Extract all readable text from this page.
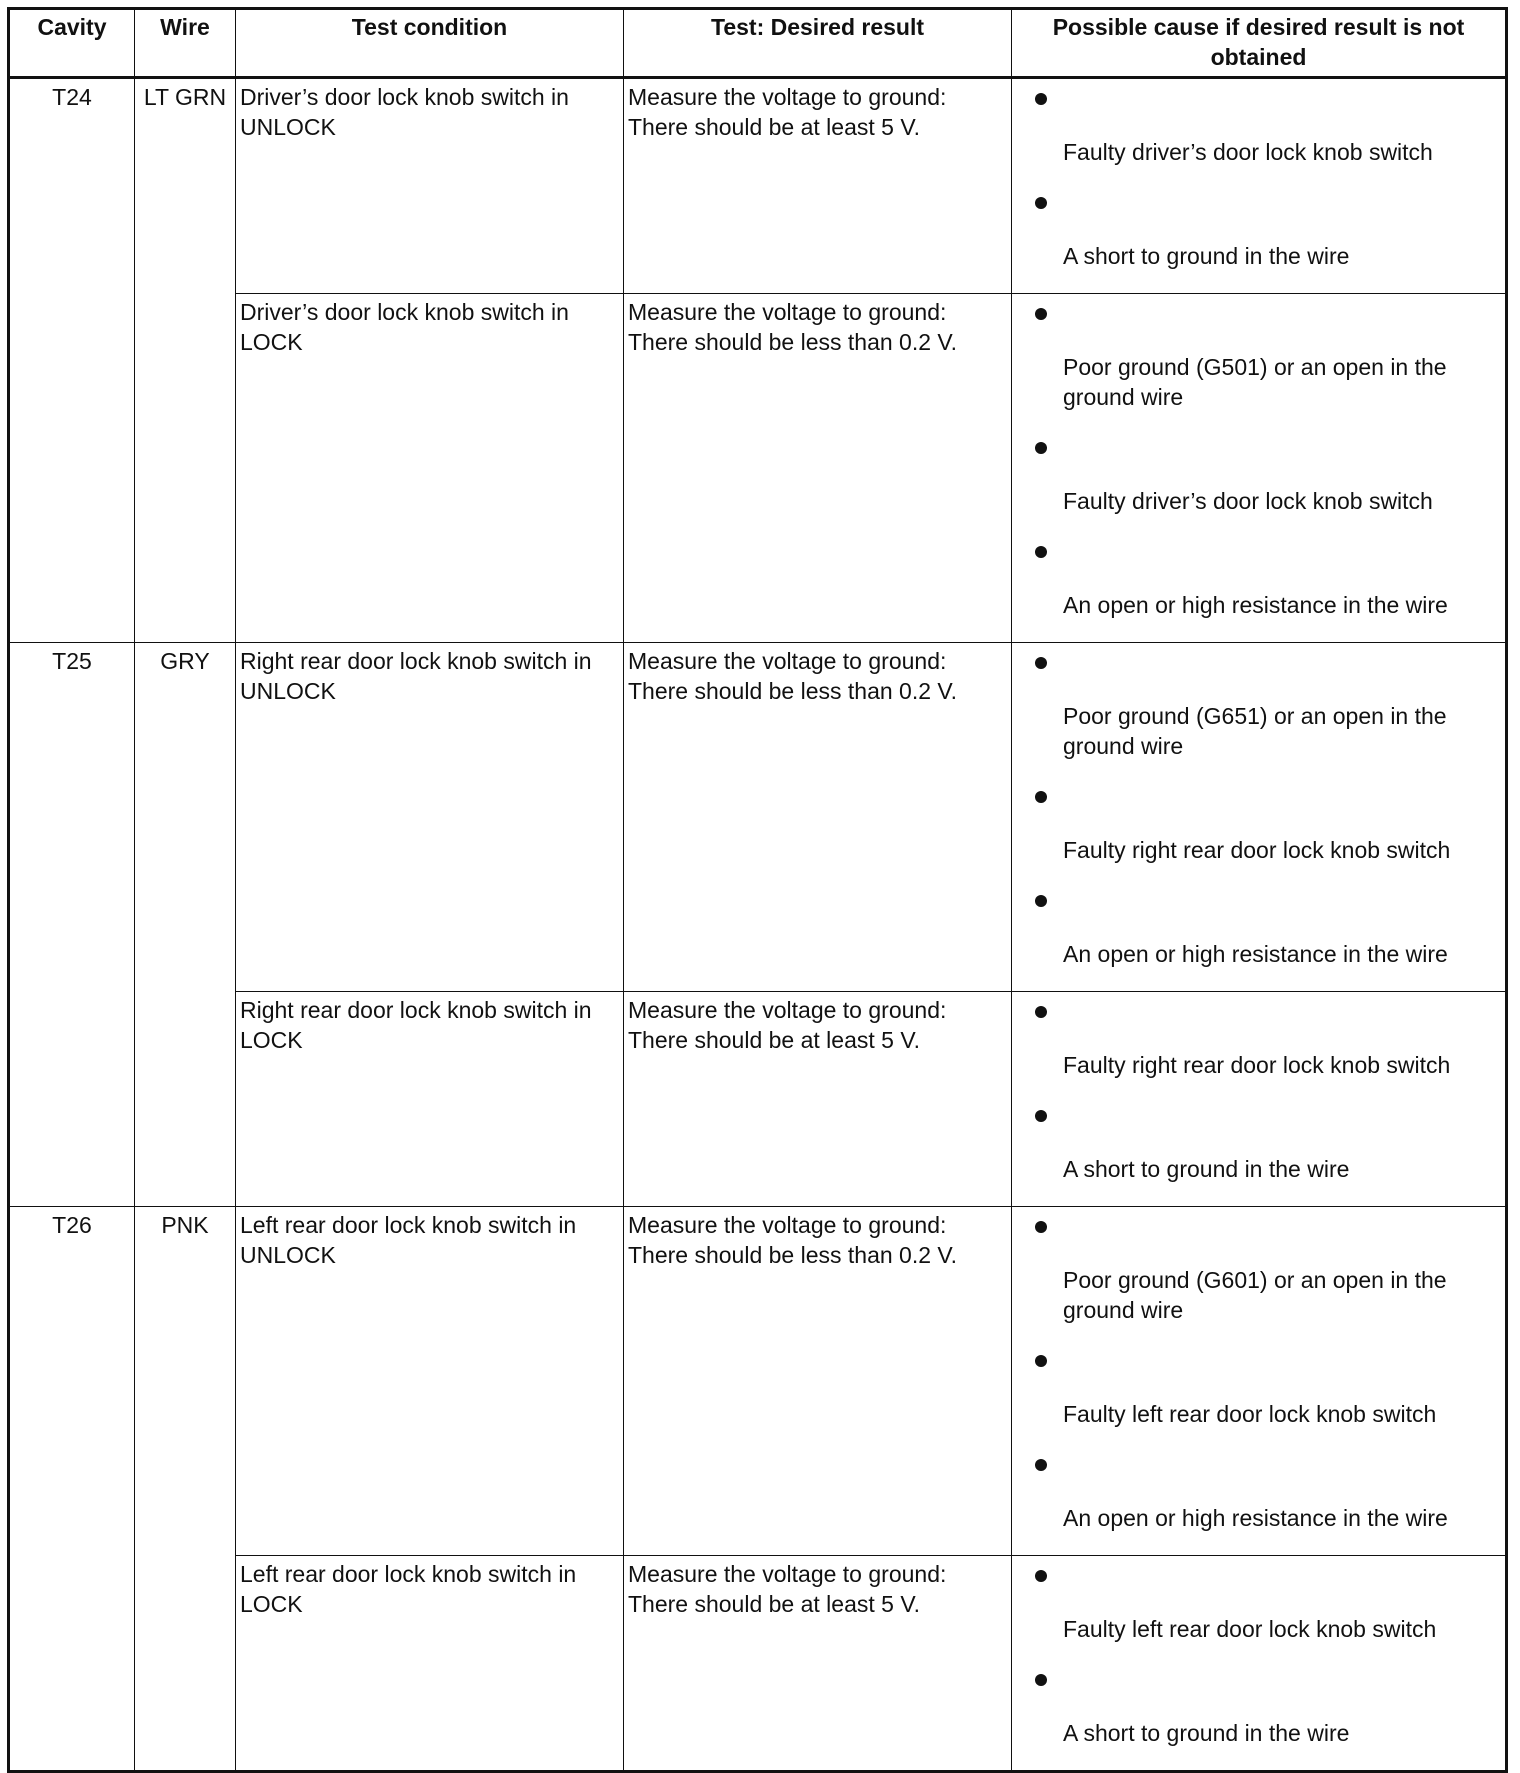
Cavity	Wire	Test condition	Test: Desired result	Possible cause if desired result is not obtained
T24	LT GRN	Driver’s door lock knob switch in UNLOCK	Measure the voltage to ground:
There should be at least 5 V.	Faulty driver’s door lock knob switch
A short to ground in the wire

		Driver’s door lock knob switch in LOCK	Measure the voltage to ground:
There should be less than 0.2 V.	Poor ground (G501) or an open in the ground wire
Faulty driver’s door lock knob switch
An open or high resistance in the wire

T25	GRY	Right rear door lock knob switch in UNLOCK	Measure the voltage to ground:
There should be less than 0.2 V.	Poor ground (G651) or an open in the ground wire
Faulty right rear door lock knob switch
An open or high resistance in the wire

		Right rear door lock knob switch in LOCK	Measure the voltage to ground:
There should be at least 5 V.	Faulty right rear door lock knob switch
A short to ground in the wire

T26	PNK	Left rear door lock knob switch in UNLOCK	Measure the voltage to ground:
There should be less than 0.2 V.	Poor ground (G601) or an open in the ground wire
Faulty left rear door lock knob switch
An open or high resistance in the wire

		Left rear door lock knob switch in LOCK	Measure the voltage to ground:
There should be at least 5 V.	Faulty left rear door lock knob switch
A short to ground in the wire
